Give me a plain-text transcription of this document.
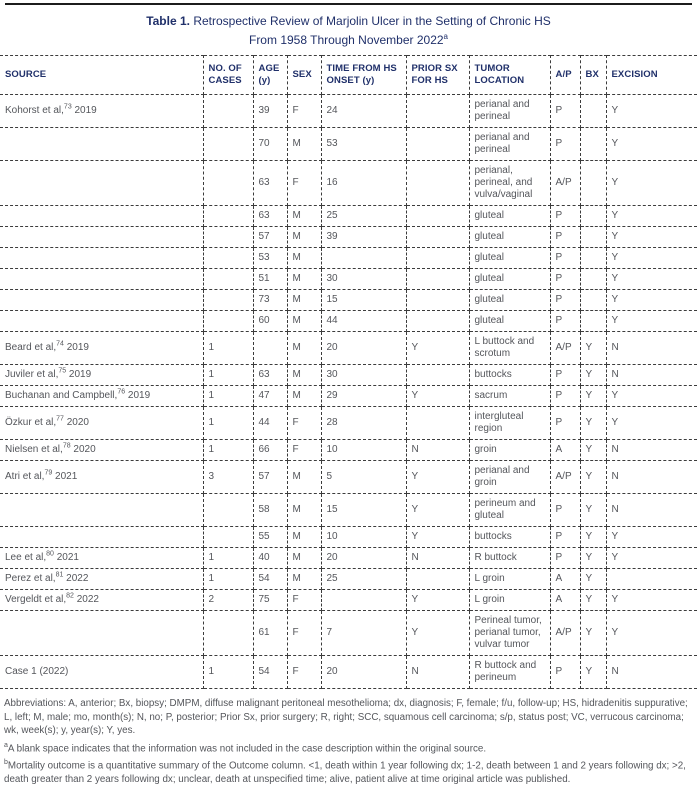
Table 1. Retrospective Review of Marjolin Ulcer in the Setting of Chronic HS
From 1958 Through November 2022$^a$
SOURCE	NO. OF CASES	AGE (y)	SEX	TIME FROM HS ONSET (y)	PRIOR SX FOR HS	TUMOR LOCATION	A/P	BX	EXCISION
Kohorst et al,$^{73}$ 2019		39	F	24		perianal and perineal	P		Y
		70	M	53		perianal and perineal	P		Y
		63	F	16		perianal, perineal, and vulva/vaginal	A/P		Y
		63	M	25		gluteal	P		Y
		57	M	39		gluteal	P		Y
		53	M			gluteal	P		Y
		51	M	30		gluteal	P		Y
		73	M	15		gluteal	P		Y
		60	M	44		gluteal	P		Y
Beard et al,$^{74}$ 2019	1		M	20	Y	L buttock and scrotum	A/P	Y	N
Juviler et al,$^{75}$ 2019	1	63	M	30		buttocks	P	Y	N
Buchanan and Campbell,$^{76}$ 2019	1	47	M	29	Y	sacrum	P	Y	Y
Özkur et al,$^{77}$ 2020	1	44	F	28		intergluteal region	P	Y	Y
Nielsen et al,$^{78}$ 2020	1	66	F	10	N	groin	A	Y	N
Atri et al,$^{79}$ 2021	3	57	M	5	Y	perianal and groin	A/P	Y	N
		58	M	15	Y	perineum and gluteal	P	Y	N
		55	M	10	Y	buttocks	P	Y	Y
Lee et al,$^{80}$ 2021	1	40	M	20	N	R buttock	P	Y	Y
Perez et al,$^{81}$ 2022	1	54	M	25		L groin	A	Y	
Vergeldt et al,$^{82}$ 2022	2	75	F		Y	L groin	A	Y	Y
		61	F	7	Y	Perineal tumor, perianal tumor, vulvar tumor	A/P	Y	Y
Case 1 (2022)	1	54	F	20	N	R buttock and perineum	P	Y	N

Abbreviations: A, anterior; Bx, biopsy; DMPM, diffuse malignant peritoneal mesothelioma; dx, diagnosis; F, female; f/u, follow-up; HS, hidradenitis suppurative; L, left; M, male; mo, month(s); N, no; P, posterior; Prior Sx, prior surgery; R, right; SCC, squamous cell carcinoma; s/p, status post; VC, verrucous carcinoma; wk, week(s); y, year(s); Y, yes.

$^a$A blank space indicates that the information was not included in the case description within the original source.

$^b$Mortality outcome is a quantitative summary of the Outcome column. <1, death within 1 year following dx; 1-2, death between 1 and 2 years following dx; >2, death greater than 2 years following dx; unclear, death at unspecified time; alive, patient alive at time original article was published.
